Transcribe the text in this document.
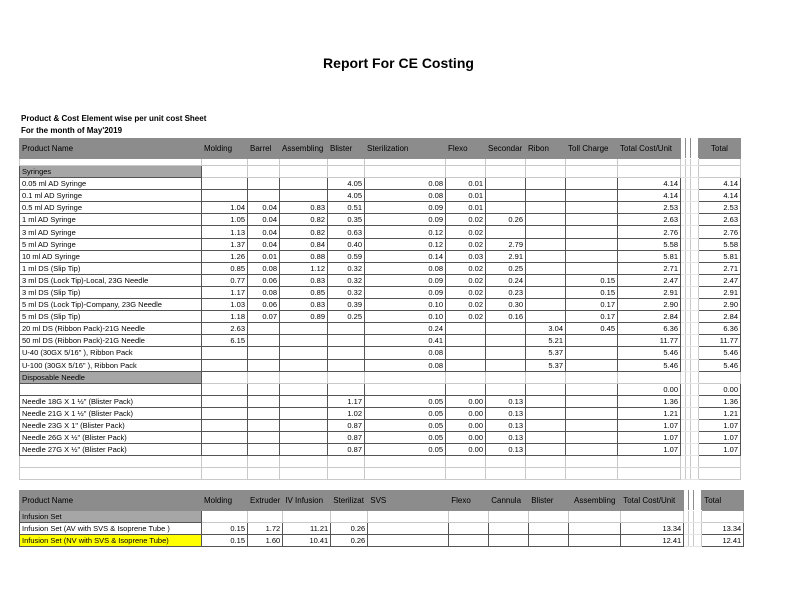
Report For CE Costing
Product & Cost Element wise per unit cost Sheet
For the month of May'2019
Product Name	Molding	Barrel	Assembling	Blister	Sterilization	Flexo	Secondar	Ribon	Toll Charge	Total Cost/Unit				Total

Syringes														
0.05 ml AD Syringe				4.05	0.08	0.01				4.14				4.14
0.1 ml AD Syringe				4.05	0.08	0.01				4.14				4.14
0.5 ml AD Syringe	1.04	0.04	0.83	0.51	0.09	0.01				2.53				2.53
1 ml AD Syringe	1.05	0.04	0.82	0.35	0.09	0.02	0.26			2.63				2.63
3 ml AD Syringe	1.13	0.04	0.82	0.63	0.12	0.02				2.76				2.76
5 ml AD Syringe	1.37	0.04	0.84	0.40	0.12	0.02	2.79			5.58				5.58
10 ml AD Syringe	1.26	0.01	0.88	0.59	0.14	0.03	2.91			5.81				5.81
1 ml DS (Slip Tip)	0.85	0.08	1.12	0.32	0.08	0.02	0.25			2.71				2.71
3 ml DS (Lock Tip)-Local, 23G Needle	0.77	0.06	0.83	0.32	0.09	0.02	0.24		0.15	2.47				2.47
3 ml DS (Slip Tip)	1.17	0.08	0.85	0.32	0.09	0.02	0.23		0.15	2.91				2.91
5 ml DS (Lock Tip)-Company, 23G Needle	1.03	0.06	0.83	0.39	0.10	0.02	0.30		0.17	2.90				2.90
5 ml DS (Slip Tip)	1.18	0.07	0.89	0.25	0.10	0.02	0.16		0.17	2.84				2.84
20 ml DS (Ribbon Pack)-21G Needle	2.63				0.24			3.04	0.45	6.36				6.36
50 ml DS (Ribbon Pack)-21G Needle	6.15				0.41			5.21		11.77				11.77
U-40 (30GX 5/16" ), Ribbon Pack					0.08			5.37		5.46				5.46
U-100 (30GX 5/16" ), Ribbon Pack					0.08			5.37		5.46				5.46
Disposable Needle														
										0.00				0.00
Needle 18G X 1 ½" (Blister Pack)				1.17	0.05	0.00	0.13			1.36				1.36
Needle 21G X 1 ½" (Blister Pack)				1.02	0.05	0.00	0.13			1.21				1.21
Needle 23G X 1" (Blister Pack)				0.87	0.05	0.00	0.13			1.07				1.07
Needle 26G X ½" (Blister Pack)				0.87	0.05	0.00	0.13			1.07				1.07
Needle 27G X ½" (Blister Pack)				0.87	0.05	0.00	0.13			1.07				1.07

Product Name	Molding	Extruder	IV Infusion	Sterilizat	SVS	Flexo	Cannula	Blister	Assembling	Total Cost/Unit				Total
Infusion Set														
Infusion Set (AV with SVS & Isoprene Tube )	0.15	1.72	11.21	0.26						13.34				13.34
Infusion Set (NV with SVS & Isoprene Tube)	0.15	1.60	10.41	0.26						12.41				12.41
